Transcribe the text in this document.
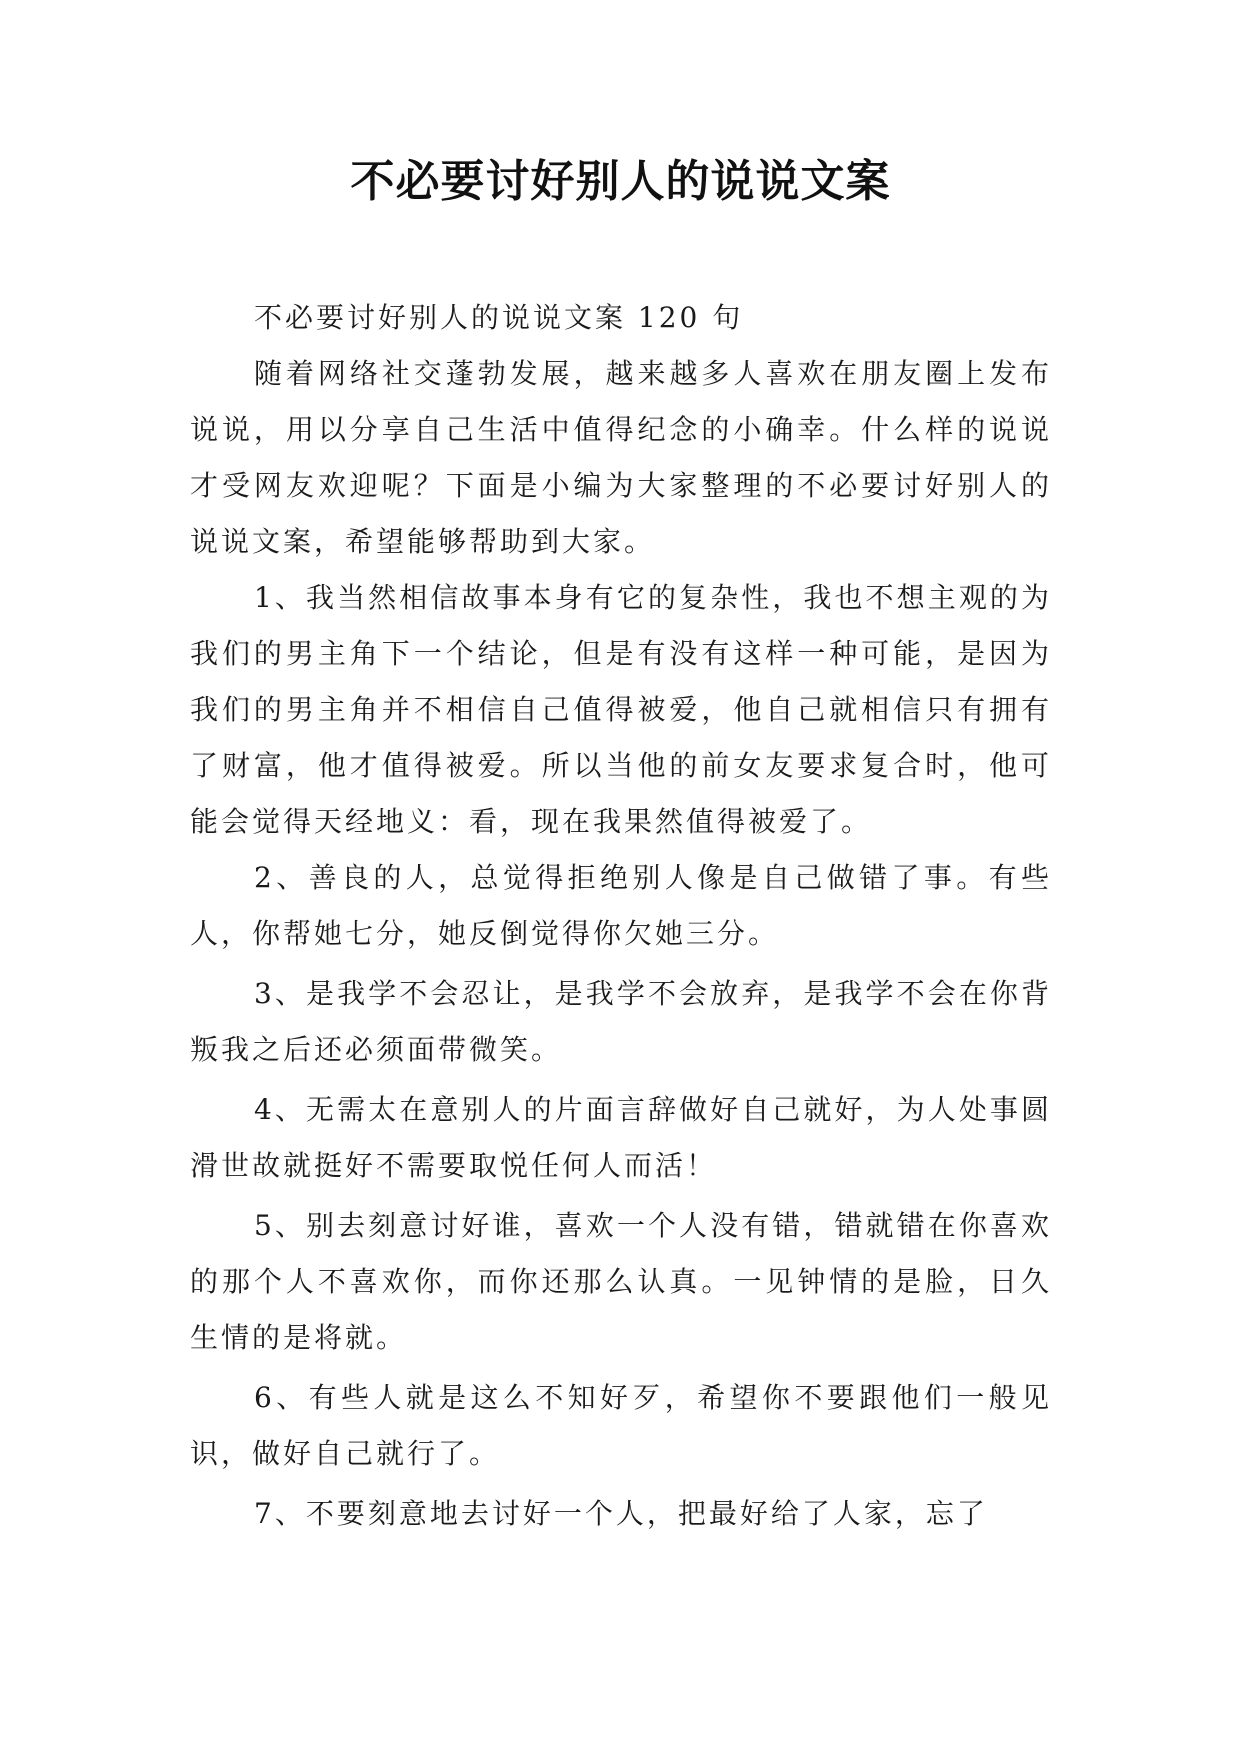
不必要讨好别人的说说文案

不必要讨好别人的说说文案 120 句

随着网络社交蓬勃发展，越来越多人喜欢在朋友圈上发布说说，用以分享自己生活中值得纪念的小确幸。什么样的说说才受网友欢迎呢？下面是小编为大家整理的不必要讨好别人的说说文案，希望能够帮助到大家。

1、我当然相信故事本身有它的复杂性，我也不想主观的为我们的男主角下一个结论，但是有没有这样一种可能，是因为我们的男主角并不相信自己值得被爱，他自己就相信只有拥有了财富，他才值得被爱。所以当他的前女友要求复合时，他可能会觉得天经地义：看，现在我果然值得被爱了。

2、善良的人，总觉得拒绝别人像是自己做错了事。有些人，你帮她七分，她反倒觉得你欠她三分。

3、是我学不会忍让，是我学不会放弃，是我学不会在你背叛我之后还必须面带微笑。

4、无需太在意别人的片面言辞做好自己就好，为人处事圆滑世故就挺好不需要取悦任何人而活！

5、别去刻意讨好谁，喜欢一个人没有错，错就错在你喜欢的那个人不喜欢你，而你还那么认真。一见钟情的是脸，日久生情的是将就。

6、有些人就是这么不知好歹，希望你不要跟他们一般见识，做好自己就行了。

7、不要刻意地去讨好一个人，把最好给了人家，忘了
